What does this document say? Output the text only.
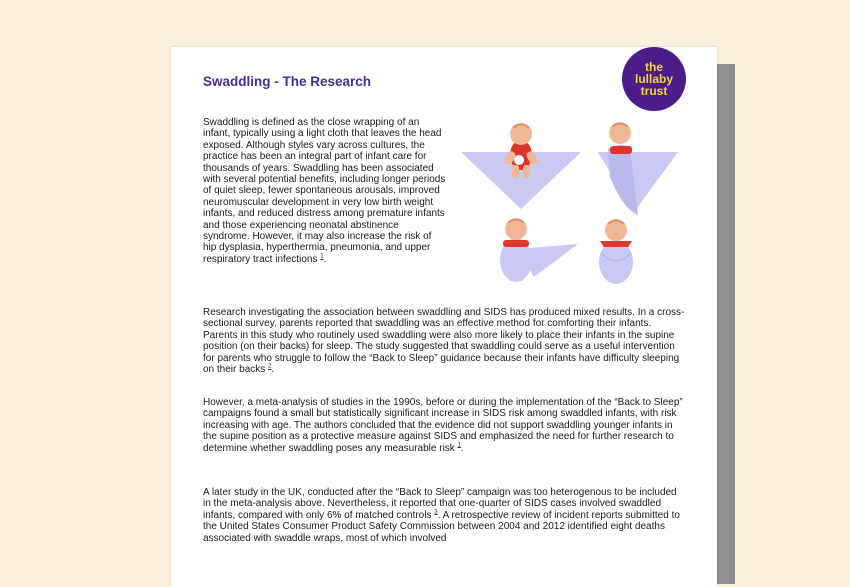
Swaddling - The Research
the
lullaby
trust

Swaddling is defined as the close wrapping of an infant, typically using a light cloth that leaves the head exposed. Although styles vary across cultures, the practice has been an integral part of infant care for thousands of years. Swaddling has been associated with several potential benefits, including longer periods of quiet sleep, fewer spontaneous arousals, improved neuromuscular development in very low birth weight infants, and reduced distress among premature infants and those experiencing neonatal abstinence syndrome. However, it may also increase the risk of hip dysplasia, hyperthermia, pneumonia, and upper respiratory tract infections $^1$.

Research investigating the association between swaddling and SIDS has produced mixed results. In a cross-sectional survey, parents reported that swaddling was an effective method for comforting their infants. Parents in this study who routinely used swaddling were also more likely to place their infants in the supine position (on their backs) for sleep. The study suggested that swaddling could serve as a useful intervention for parents who struggle to follow the “Back to Sleep” guidance because their infants have difficulty sleeping on their backs $^2$.

However, a meta-analysis of studies in the 1990s, before or during the implementation of the “Back to Sleep” campaigns found a small but statistically significant increase in SIDS risk among swaddled infants, with risk increasing with age. The authors concluded that the evidence did not support swaddling younger infants in the supine position as a protective measure against SIDS and emphasized the need for further research to determine whether swaddling poses any measurable risk $^1$.

A later study in the UK, conducted after the “Back to Sleep” campaign was too heterogenous to be included in the meta-analysis above. Nevertheless, it reported that one-quarter of SIDS cases involved swaddled infants, compared with only 6% of matched controls $^3$. A retrospective review of incident reports submitted to the United States Consumer Product Safety Commission between 2004 and 2012 identified eight deaths associated with swaddle wraps, most of which involved
